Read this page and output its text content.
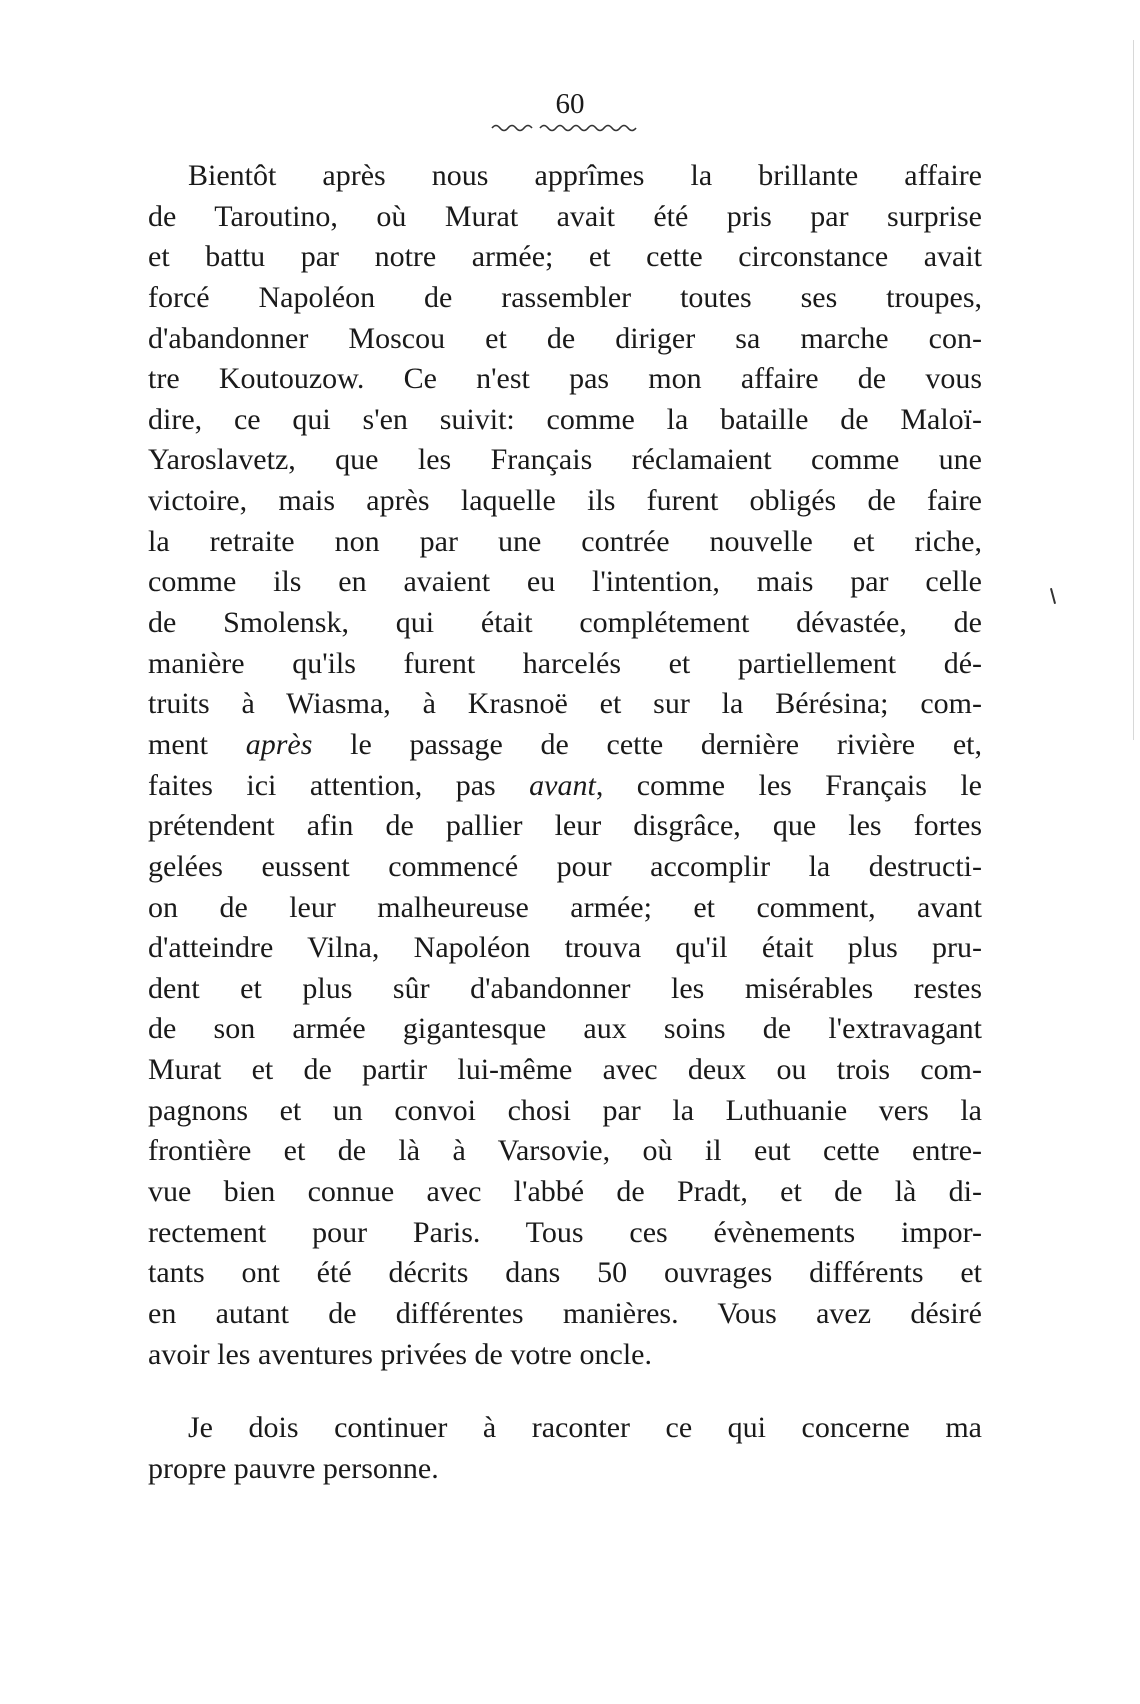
60
Bientôt après nous apprîmes la brillante affaire
de Taroutino, où Murat avait été pris par surprise
et battu par notre armée; et cette circonstance avait
forcé Napoléon de rassembler toutes ses troupes,
d'abandonner Moscou et de diriger sa marche con-
tre Koutouzow. Ce n'est pas mon affaire de vous
dire, ce qui s'en suivit: comme la bataille de Maloï-
Yaroslavetz, que les Français réclamaient comme une
victoire, mais après laquelle ils furent obligés de faire
la retraite non par une contrée nouvelle et riche,
comme ils en avaient eu l'intention, mais par celle
de Smolensk, qui était complétement dévastée, de
manière qu'ils furent harcelés et partiellement dé-
truits à Wiasma, à Krasnoë et sur la Bérésina; com-
ment après le passage de cette dernière rivière et,
faites ici attention, pas avant, comme les Français le
prétendent afin de pallier leur disgrâce, que les fortes
gelées eussent commencé pour accomplir la destructi-
on de leur malheureuse armée; et comment, avant
d'atteindre Vilna, Napoléon trouva qu'il était plus pru-
dent et plus sûr d'abandonner les misérables restes
de son armée gigantesque aux soins de l'extravagant
Murat et de partir lui-même avec deux ou trois com-
pagnons et un convoi chosi par la Luthuanie vers la
frontière et de là à Varsovie, où il eut cette entre-
vue bien connue avec l'abbé de Pradt, et de là di-
rectement pour Paris. Tous ces évènements impor-
tants ont été décrits dans 50 ouvrages différents et
en autant de différentes manières. Vous avez désiré
avoir les aventures privées de votre oncle.
Je dois continuer à raconter ce qui concerne ma
propre pauvre personne.
